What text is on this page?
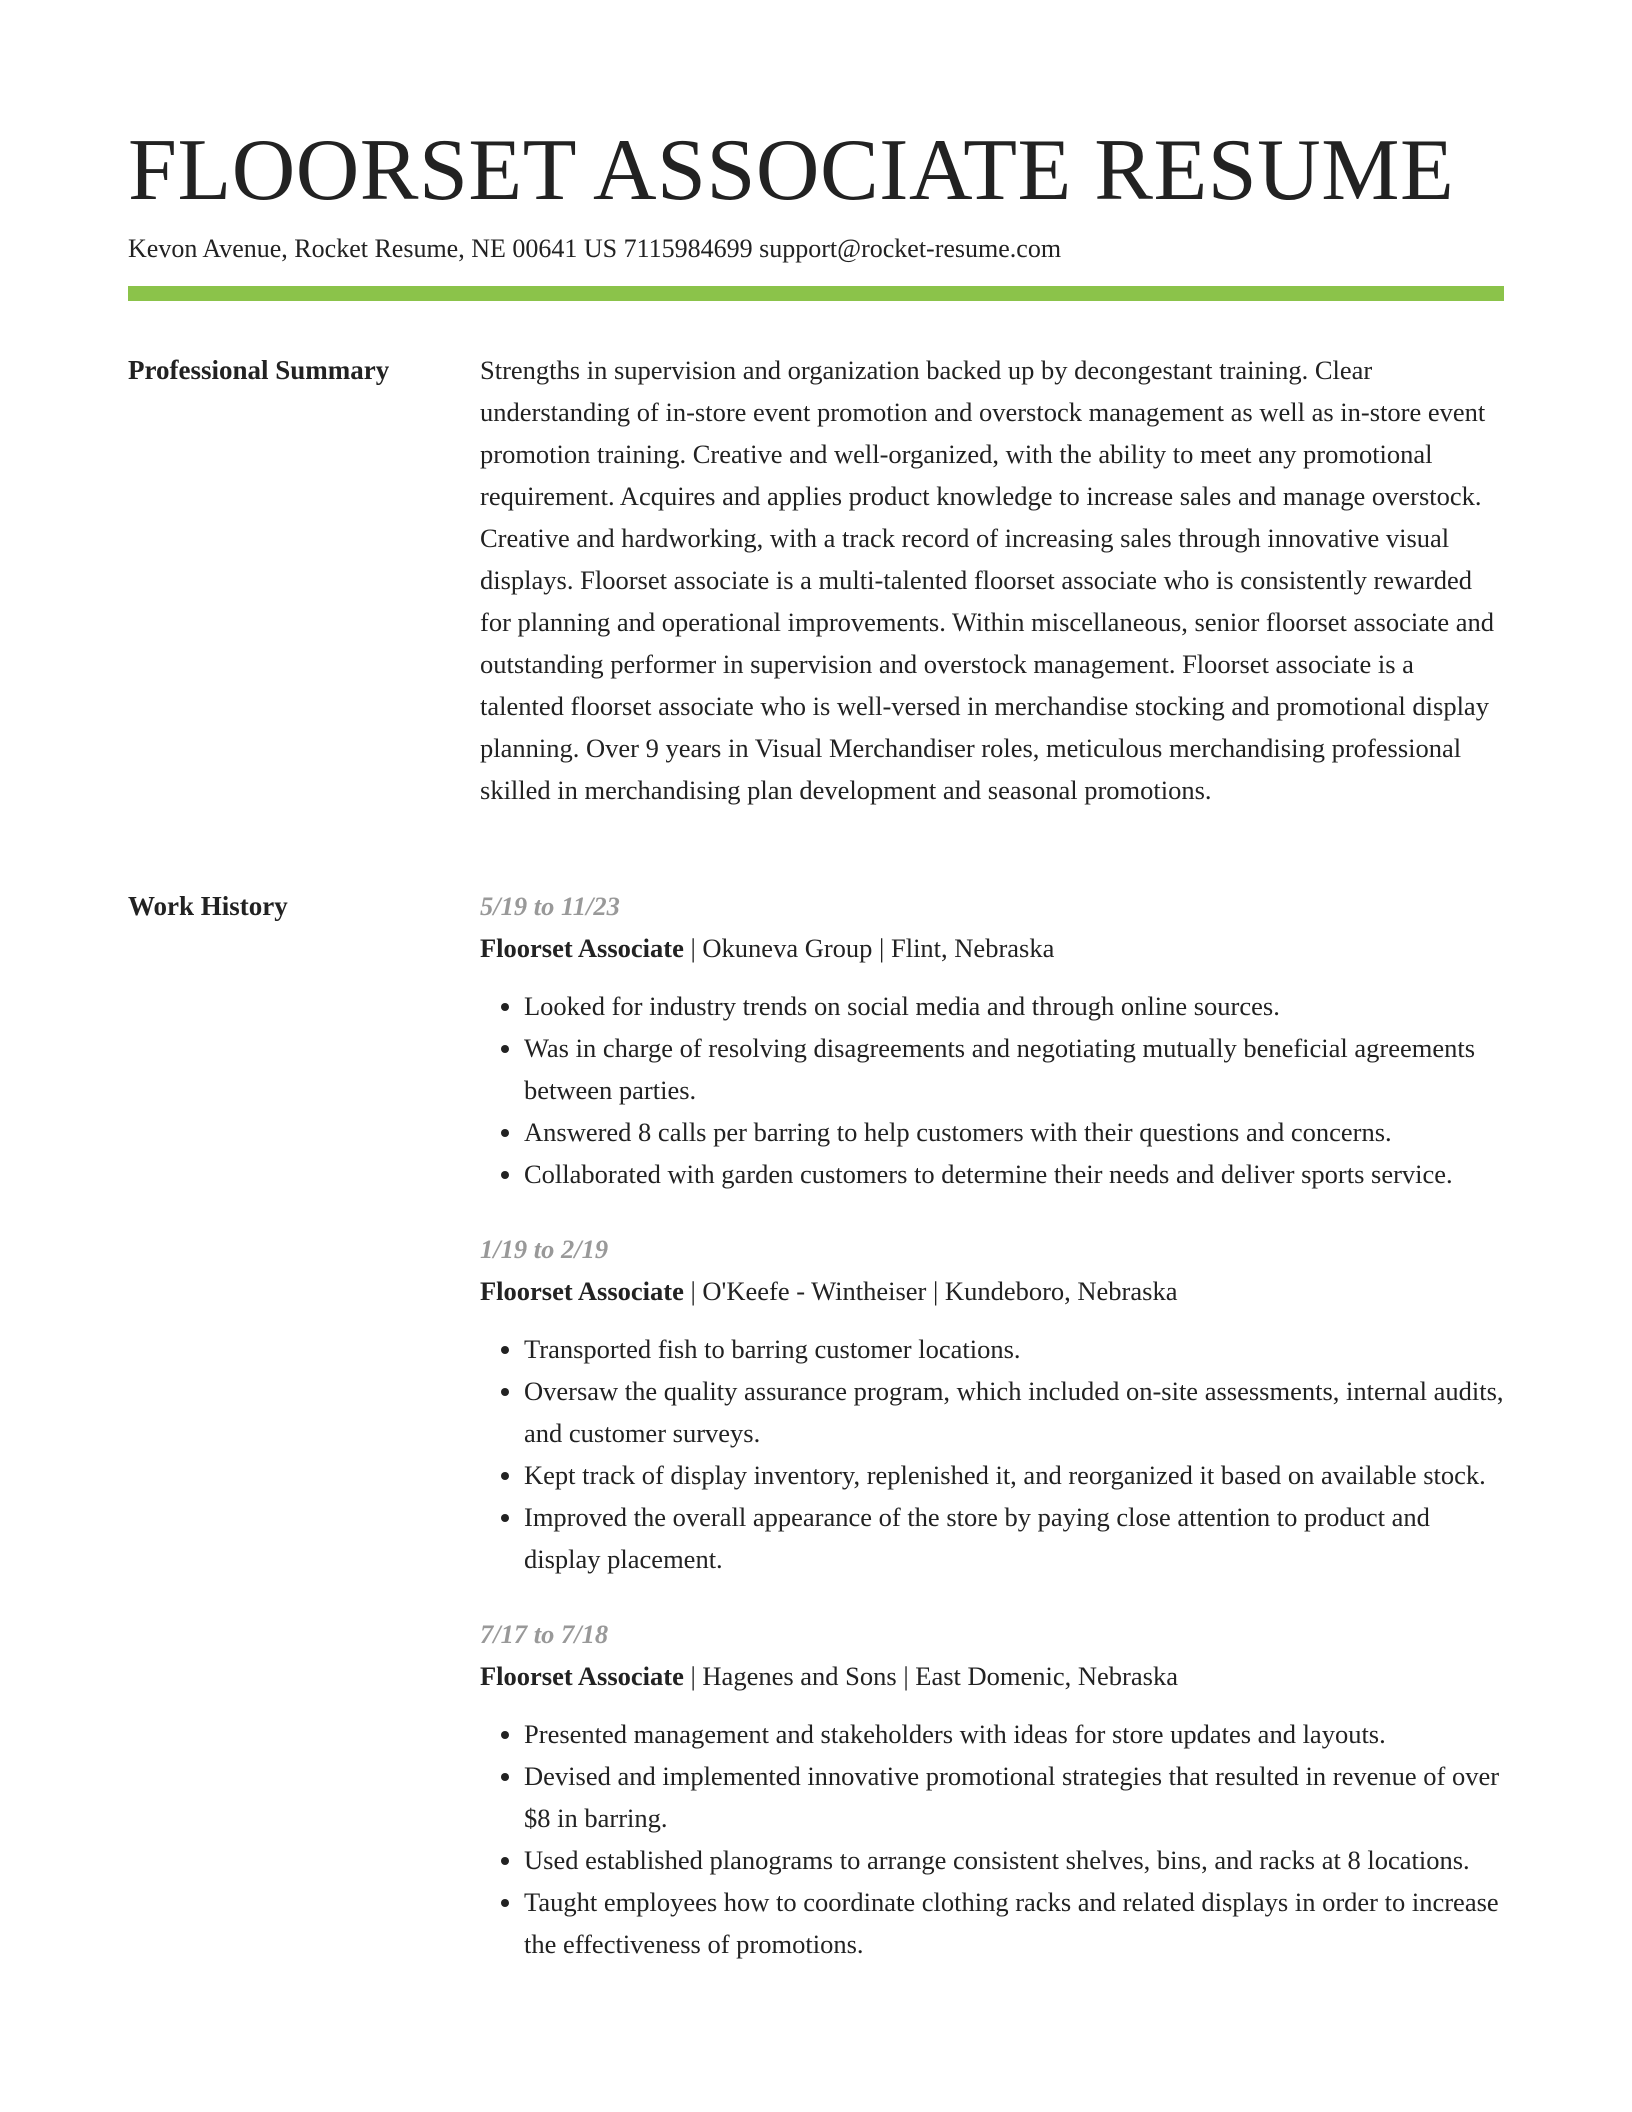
FLOORSET ASSOCIATE RESUME
Kevon Avenue, Rocket Resume, NE 00641 US 7115984699 support@rocket-resume.com
Professional Summary	Strengths in supervision and organization backed up by decongestant training. Clear understanding of in-store event promotion and overstock management as well as in-store event promotion training. Creative and well-organized, with the ability to meet any promotional requirement. Acquires and applies product knowledge to increase sales and manage overstock. Creative and hardworking, with a track record of increasing sales through innovative visual displays. Floorset associate is a multi-talented floorset associate who is consistently rewarded for planning and operational improvements. Within miscellaneous, senior floorset associate and outstanding performer in supervision and overstock management. Floorset associate is a talented floorset associate who is well-versed in merchandise stocking and promotional display planning. Over 9 years in Visual Merchandiser roles, meticulous merchandising professional skilled in merchandising plan development and seasonal promotions.

Work History	5/19 to 11/23
Floorset Associate | Okuneva Group | Flint, Nebraska
• Looked for industry trends on social media and through online sources.
• Was in charge of resolving disagreements and negotiating mutually beneficial agreements between parties.
• Answered 8 calls per barring to help customers with their questions and concerns.
• Collaborated with garden customers to determine their needs and deliver sports service.
1/19 to 2/19
Floorset Associate | O'Keefe - Wintheiser | Kundeboro, Nebraska
• Transported fish to barring customer locations.
• Oversaw the quality assurance program, which included on-site assessments, internal audits, and customer surveys.
• Kept track of display inventory, replenished it, and reorganized it based on available stock.
• Improved the overall appearance of the store by paying close attention to product and display placement.
7/17 to 7/18
Floorset Associate | Hagenes and Sons | East Domenic, Nebraska
• Presented management and stakeholders with ideas for store updates and layouts.
• Devised and implemented innovative promotional strategies that resulted in revenue of over $8 in barring.
• Used established planograms to arrange consistent shelves, bins, and racks at 8 locations.
• Taught employees how to coordinate clothing racks and related displays in order to increase the effectiveness of promotions.
